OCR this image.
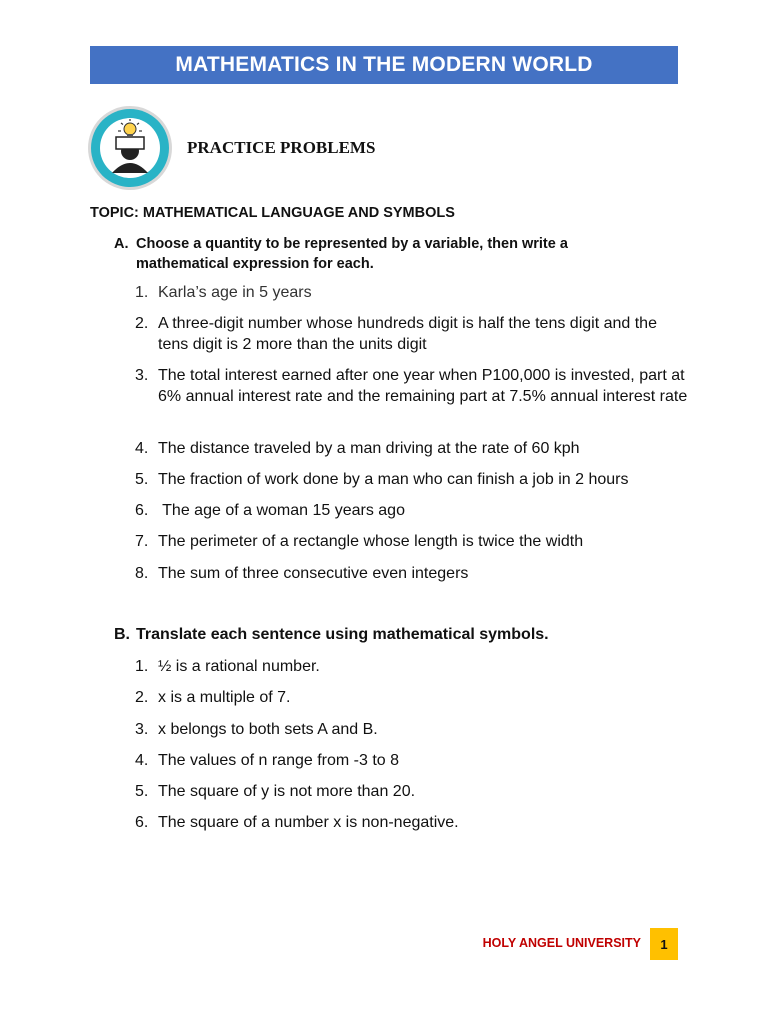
MATHEMATICS IN THE MODERN WORLD
PRACTICE PROBLEMS
TOPIC: MATHEMATICAL LANGUAGE AND SYMBOLS
A. Choose a quantity to be represented by a variable, then write a mathematical expression for each.
1. Karla’s age in 5 years
2. A three-digit number whose hundreds digit is half the tens digit and the tens digit is 2 more than the units digit
3. The total interest earned after one year when P100,000 is invested, part at 6% annual interest rate and the remaining part at 7.5% annual interest rate
4. The distance traveled by a man driving at the rate of 60 kph
5. The fraction of work done by a man who can finish a job in 2 hours
6. The age of a woman 15 years ago
7. The perimeter of a rectangle whose length is twice the width
8. The sum of three consecutive even integers
B. Translate each sentence using mathematical symbols.
1. ½ is a rational number.
2. x is a multiple of 7.
3. x belongs to both sets A and B.
4. The values of n range from -3 to 8
5. The square of y is not more than 20.
6. The square of a number x is non-negative.
HOLY ANGEL UNIVERSITY 1
